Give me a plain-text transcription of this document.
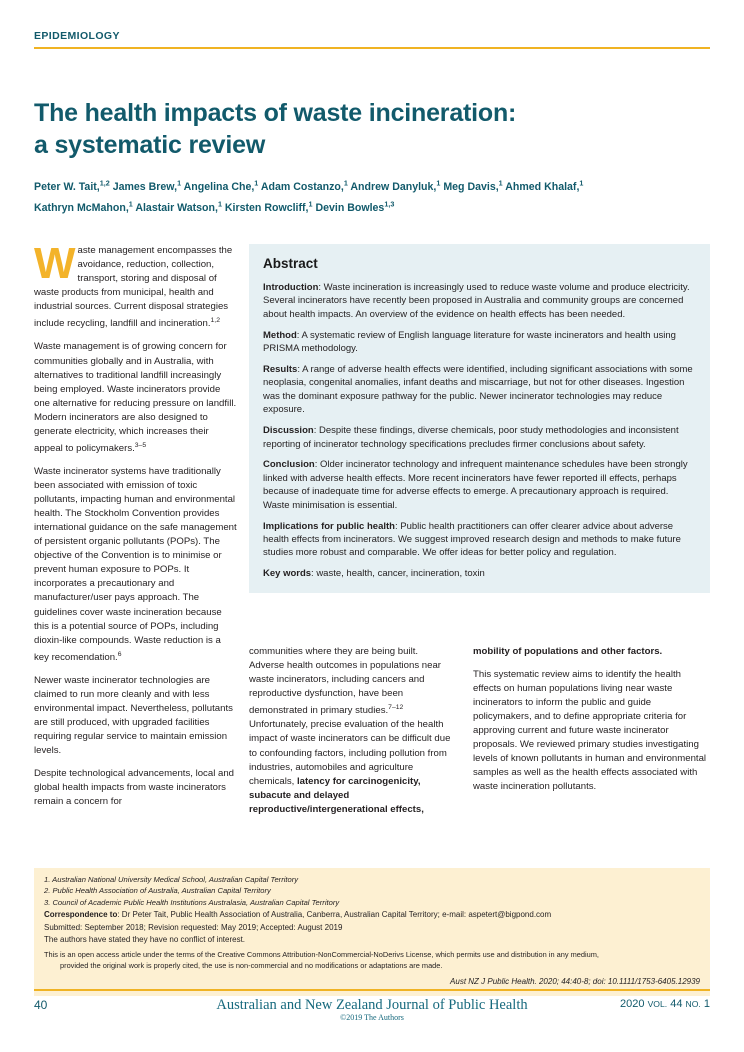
EPIDEMIOLOGY
The health impacts of waste incineration:
a systematic review
Peter W. Tait,$^{1,2}$ James Brew,$^1$ Angelina Che,$^1$ Adam Costanzo,$^1$ Andrew Danyluk,$^1$ Meg Davis,$^1$ Ahmed Khalaf,$^1$
Kathryn McMahon,$^1$ Alastair Watson,$^1$ Kirsten Rowcliff,$^1$ Devin Bowles$^{1,3}$

Waste management encompasses the avoidance, reduction, collection, transport, storing and disposal of waste products from municipal, health and industrial sources. Current disposal strategies include recycling, landfill and incineration.$^{1,2}$

Waste management is of growing concern for communities globally and in Australia, with alternatives to traditional landfill increasingly being employed. Waste incinerators provide one alternative for reducing pressure on landfill. Modern incinerators are also designed to generate electricity, which increases their appeal to policymakers.$^{3-5}$

Waste incinerator systems have traditionally been associated with emission of toxic pollutants, impacting human and environmental health. The Stockholm Convention provides international guidance on the safe management of persistent organic pollutants (POPs). The objective of the Convention is to minimise or prevent human exposure to POPs. It incorporates a precautionary and manufacturer/user pays approach. The guidelines cover waste incineration because this is a potential source of POPs, including dioxin-like compounds. Waste reduction is a key recomendation.$^6$

Newer waste incinerator technologies are claimed to run more cleanly and with less environmental impact. Nevertheless, pollutants are still produced, with upgraded facilities requiring regular service to maintain emission levels.

Despite technological advancements, local and global health impacts from waste incinerators remain a concern for

Abstract

Introduction: Waste incineration is increasingly used to reduce waste volume and produce electricity. Several incinerators have recently been proposed in Australia and community groups are concerned about health impacts. An overview of the evidence on health effects has been needed.

Method: A systematic review of English language literature for waste incinerators and health using PRISMA methodology.

Results: A range of adverse health effects were identified, including significant associations with some neoplasia, congenital anomalies, infant deaths and miscarriage, but not for other diseases. Ingestion was the dominant exposure pathway for the public. Newer incinerator technologies may reduce exposure.

Discussion: Despite these findings, diverse chemicals, poor study methodologies and inconsistent reporting of incinerator technology specifications precludes firmer conclusions about safety.

Conclusion: Older incinerator technology and infrequent maintenance schedules have been strongly linked with adverse health effects. More recent incinerators have fewer reported ill effects, perhaps because of inadequate time for adverse effects to emerge. A precautionary approach is required. Waste minimisation is essential.

Implications for public health: Public health practitioners can offer clearer advice about adverse health effects from incinerators. We suggest improved research design and methods to make future studies more robust and comparable. We offer ideas for better policy and regulation.

Key words: waste, health, cancer, incineration, toxin

communities where they are being built. Adverse health outcomes in populations near waste incinerators, including cancers and reproductive dysfunction, have been demonstrated in primary studies.$^{7-12}$ Unfortunately, precise evaluation of the health impact of waste incinerators can be difficult due to confounding factors, including pollution from industries, automobiles and agriculture chemicals, latency for carcinogenicity, subacute and delayed reproductive/intergenerational effects,

mobility of populations and other factors.

This systematic review aims to identify the health effects on human populations living near waste incinerators to inform the public and guide policymakers, and to define appropriate criteria for approving current and future waste incinerator proposals. We reviewed primary studies investigating levels of known pollutants in human and environmental samples as well as the health effects associated with waste incineration pollutants.

1. Australian National University Medical School, Australian Capital Territory

2. Public Health Association of Australia, Australian Capital Territory

3. Council of Academic Public Health Institutions Australasia, Australian Capital Territory

Correspondence to: Dr Peter Tait, Public Health Association of Australia, Canberra, Australian Capital Territory; e-mail: aspetert@bigpond.com

Submitted: September 2018; Revision requested: May 2019; Accepted: August 2019

The authors have stated they have no conflict of interest.

This is an open access article under the terms of the Creative Commons Attribution-NonCommercial-NoDerivs License, which permits use and distribution in any medium,

provided the original work is properly cited, the use is non-commercial and no modifications or adaptations are made.

Aust NZ J Public Health. 2020; 44:40-8; doi: 10.1111/1753-6405.12939

40	Australian and New Zealand Journal of Public Health
©2019 The Authors
2020 VOL. 44 NO. 1
